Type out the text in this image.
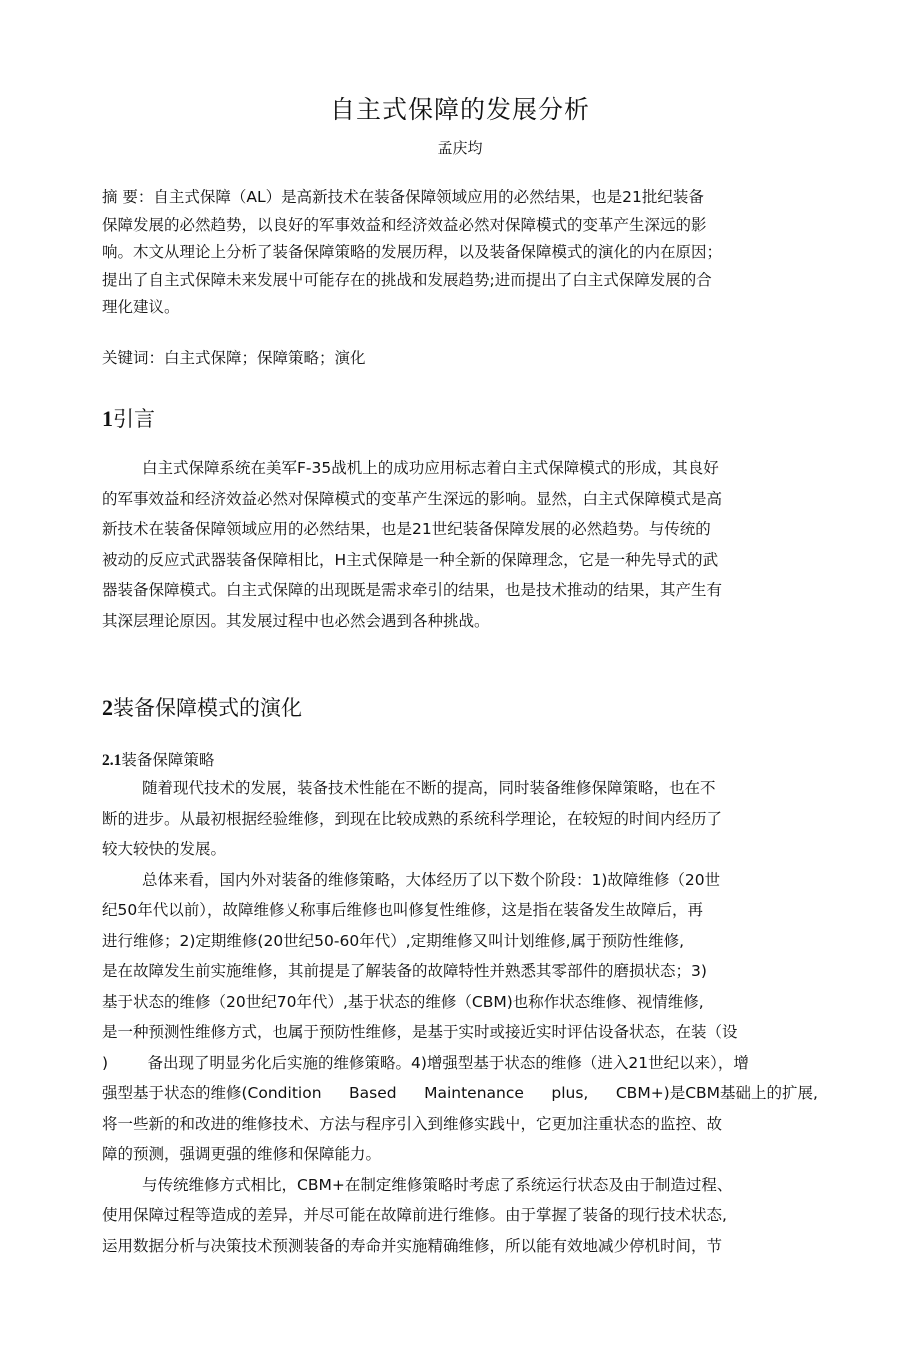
自主式保障的发展分析
孟庆均
摘 要：自主式保障（AL）是高新技术在装备保障领域应用的必然结果，也是21批纪装备
保障发展的必然趋势，以良好的军事效益和经济效益必然对保障模式的变革产生深远的影
响。木文从理论上分析了装备保障策略的发展历稈，以及装备保障模式的演化的内在原因；
提出了自主式保障未来发展屮可能存在的挑战和发展趋势;进而提出了白主式保障发展的合
理化建议。
关键词：白主式保障；保障策略；演化
1引言
白主式保障系统在美军F-35战机上的成功应用标志着白主式保障模式的形成，其良好
的军事效益和经济效益必然对保障模式的变革产生深远的影响。显然，白主式保障模式是高
新技术在装备保障领域应用的必然结果，也是21世纪装备保障发展的必然趋势。与传统的
被动的反应式武器装备保障相比，H主式保障是一种全新的保障理念，它是一种先导式的武
器装备保障模式。白主式保障的出现既是需求牵引的结果，也是技术推动的结果，其产生有
其深层理论原因。其发展过程中也必然会遇到各种挑战。
2装备保障模式的演化
2.1装备保障策略
随着现代技术的发展，装备技术性能在不断的提高，同时装备维修保障策略，也在不
断的进步。从最初根据经验维修，到现在比较成熟的系统科学理论，在较短的时间内经历了
较大较快的发展。
总体来看，国内外对装备的维修策略，大体经历了以下数个阶段：1)故障维修（20世
纪50年代以前），故障维修乂称事后维修也叫修复性维修，这是指在装备发生故障后，再
进行维修；2)定期维修(20世纪50-60年代）,定期维修又叫计划维修,属于预防性维修,
是在故障发生前实施维修，其前提是了解装备的故障特性并熟悉其零部件的磨损状态；3)
基于状态的维修（20世纪70年代）,基于状态的维修（CBM)也称作状态维修、视情维修,
是一种预测性维修方式，也属于预防性维修，是基于实时或接近实时评估设备状态，在装（设
)        备出现了明显劣化后实施的维修策略。4)增强型基于状态的维修（进入21世纪以来），增
强型基于状态的维修(Condition Based Maintenance plus, CBM+)是CBM基础上的扩展,
将一些新的和改进的维修技术、方法与程序引入到维修实践屮，它更加注重状态的监控、故
障的预测，强调更强的维修和保障能力。
与传统维修方式相比，CBM+在制定维修策略时考虑了系统运行状态及由于制造过程、
使用保障过程等造成的差异，并尽可能在故障前进行维修。由于掌握了装备的现行技术状态,
运用数据分析与决策技术预测装备的寿命并实施精确维修，所以能有效地减少停机时间，节
